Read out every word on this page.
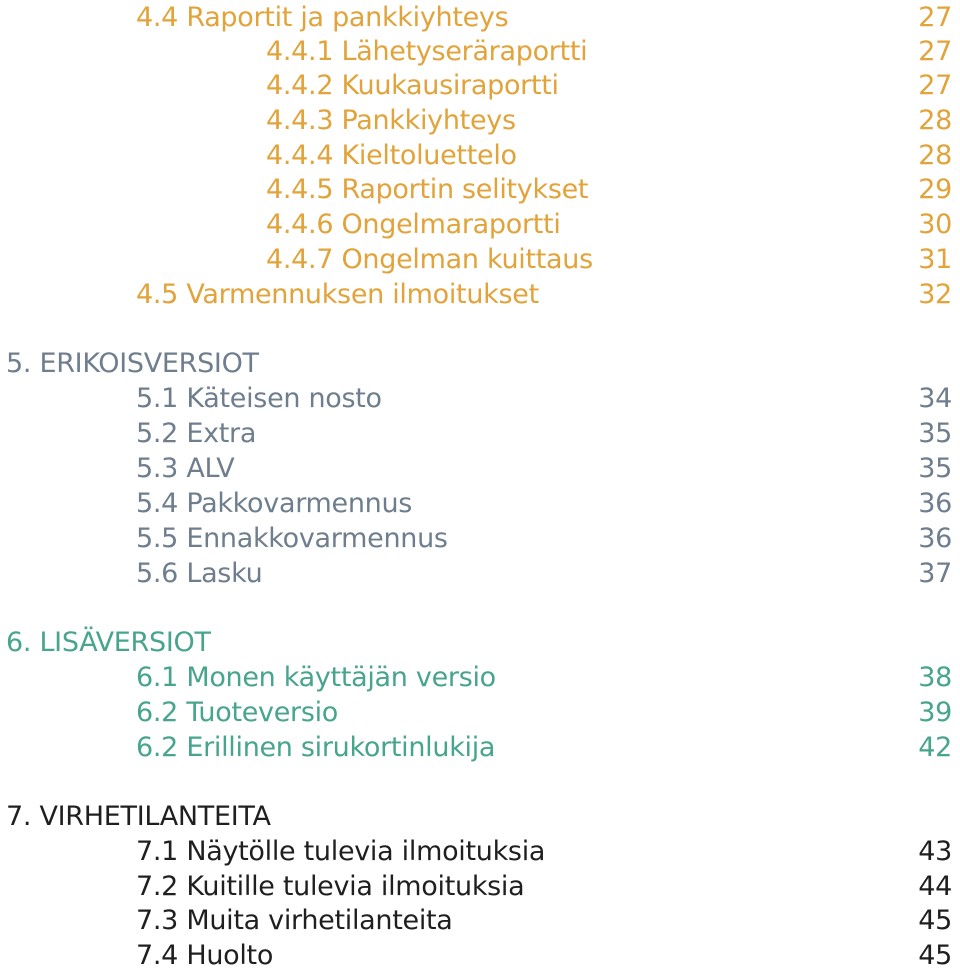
4.4 Raportit ja pankkiyhteys	27
4.4.1 Lähetyseräraportti	27
4.4.2 Kuukausiraportti	27
4.4.3 Pankkiyhteys	28
4.4.4 Kieltoluettelo	28
4.4.5 Raportin selitykset	29
4.4.6 Ongelmaraportti	30
4.4.7 Ongelman kuittaus	31
4.5 Varmennuksen ilmoitukset	32
5. ERIKOISVERSIOT
5.1 Käteisen nosto	34
5.2 Extra	35
5.3 ALV	35
5.4 Pakkovarmennus	36
5.5 Ennakkovarmennus	36
5.6 Lasku	37
6. LISÄVERSIOT
6.1 Monen käyttäjän versio	38
6.2 Tuoteversio	39
6.2 Erillinen sirukortinlukija	42
7. VIRHETILANTEITA
7.1 Näytölle tulevia ilmoituksia	43
7.2 Kuitille tulevia ilmoituksia	44
7.3 Muita virhetilanteita	45
7.4 Huolto	45
